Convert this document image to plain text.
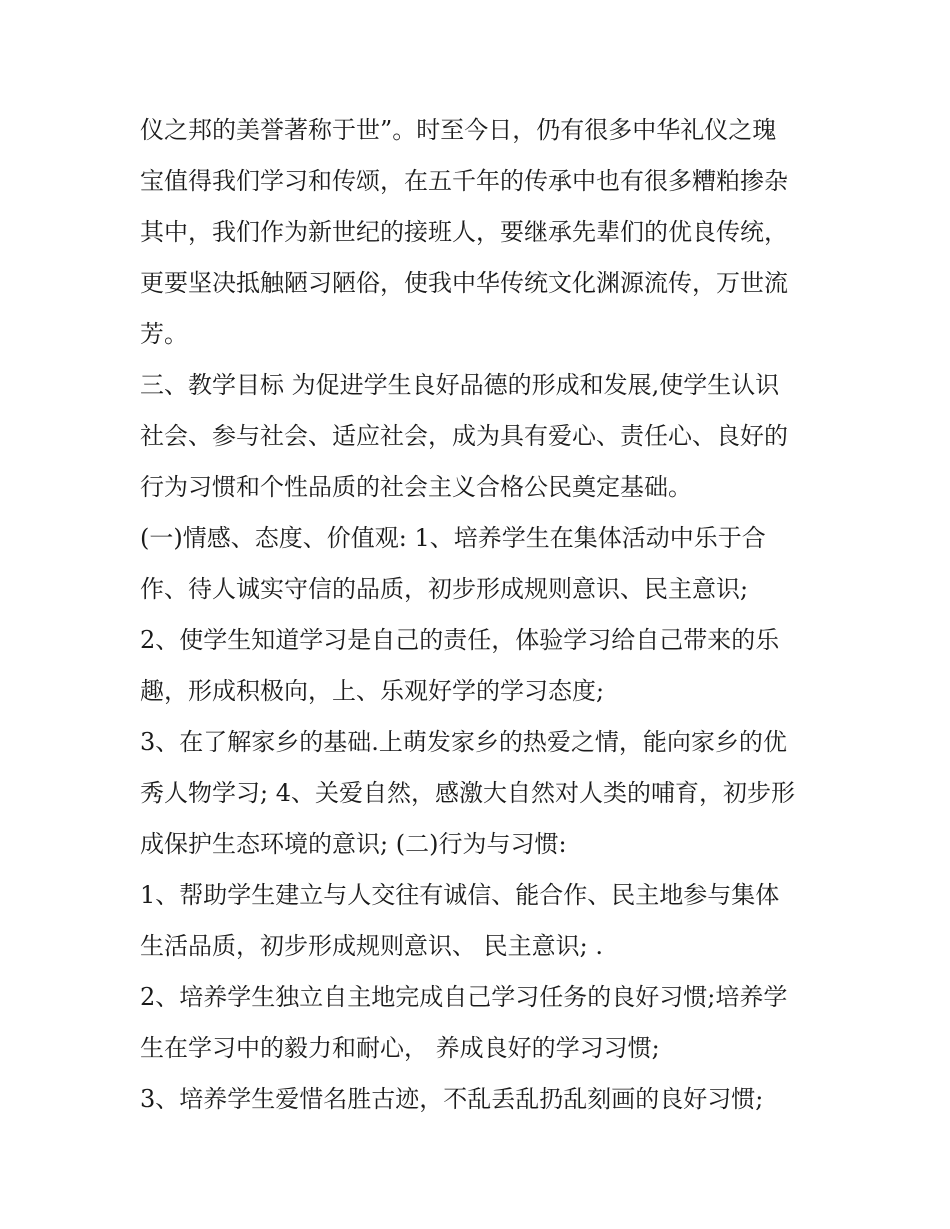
仪之邦的美誉著称于世”。时至今日，仍有很多中华礼仪之瑰
宝值得我们学习和传颂，在五千年的传承中也有很多糟粕掺杂
其中，我们作为新世纪的接班人，要继承先辈们的优良传统，
更要坚决抵触陋习陋俗，使我中华传统文化渊源流传，万世流
芳。
三、教学目标 为促进学生良好品德的形成和发展,使学生认识
社会、参与社会、适应社会，成为具有爱心、责任心、良好的
行为习惯和个性品质的社会主义合格公民奠定基础。
(一)情感、态度、价值观: 1、培养学生在集体活动中乐于合
作、待人诚实守信的品质，初步形成规则意识、民主意识;
2、使学生知道学习是自己的责任，体验学习给自己带来的乐
趣，形成积极向，上、乐观好学的学习态度;
3、在了解家乡的基础.上萌发家乡的热爱之情，能向家乡的优
秀人物学习; 4、关爱自然，感激大自然对人类的哺育，初步形
成保护生态环境的意识; (二)行为与习惯:
1、帮助学生建立与人交往有诚信、能合作、民主地参与集体
生活品质，初步形成规则意识、 民主意识; .
2、培养学生独立自主地完成自己学习任务的良好习惯;培养学
生在学习中的毅力和耐心， 养成良好的学习习惯;
3、培养学生爱惜名胜古迹，不乱丢乱扔乱刻画的良好习惯;
